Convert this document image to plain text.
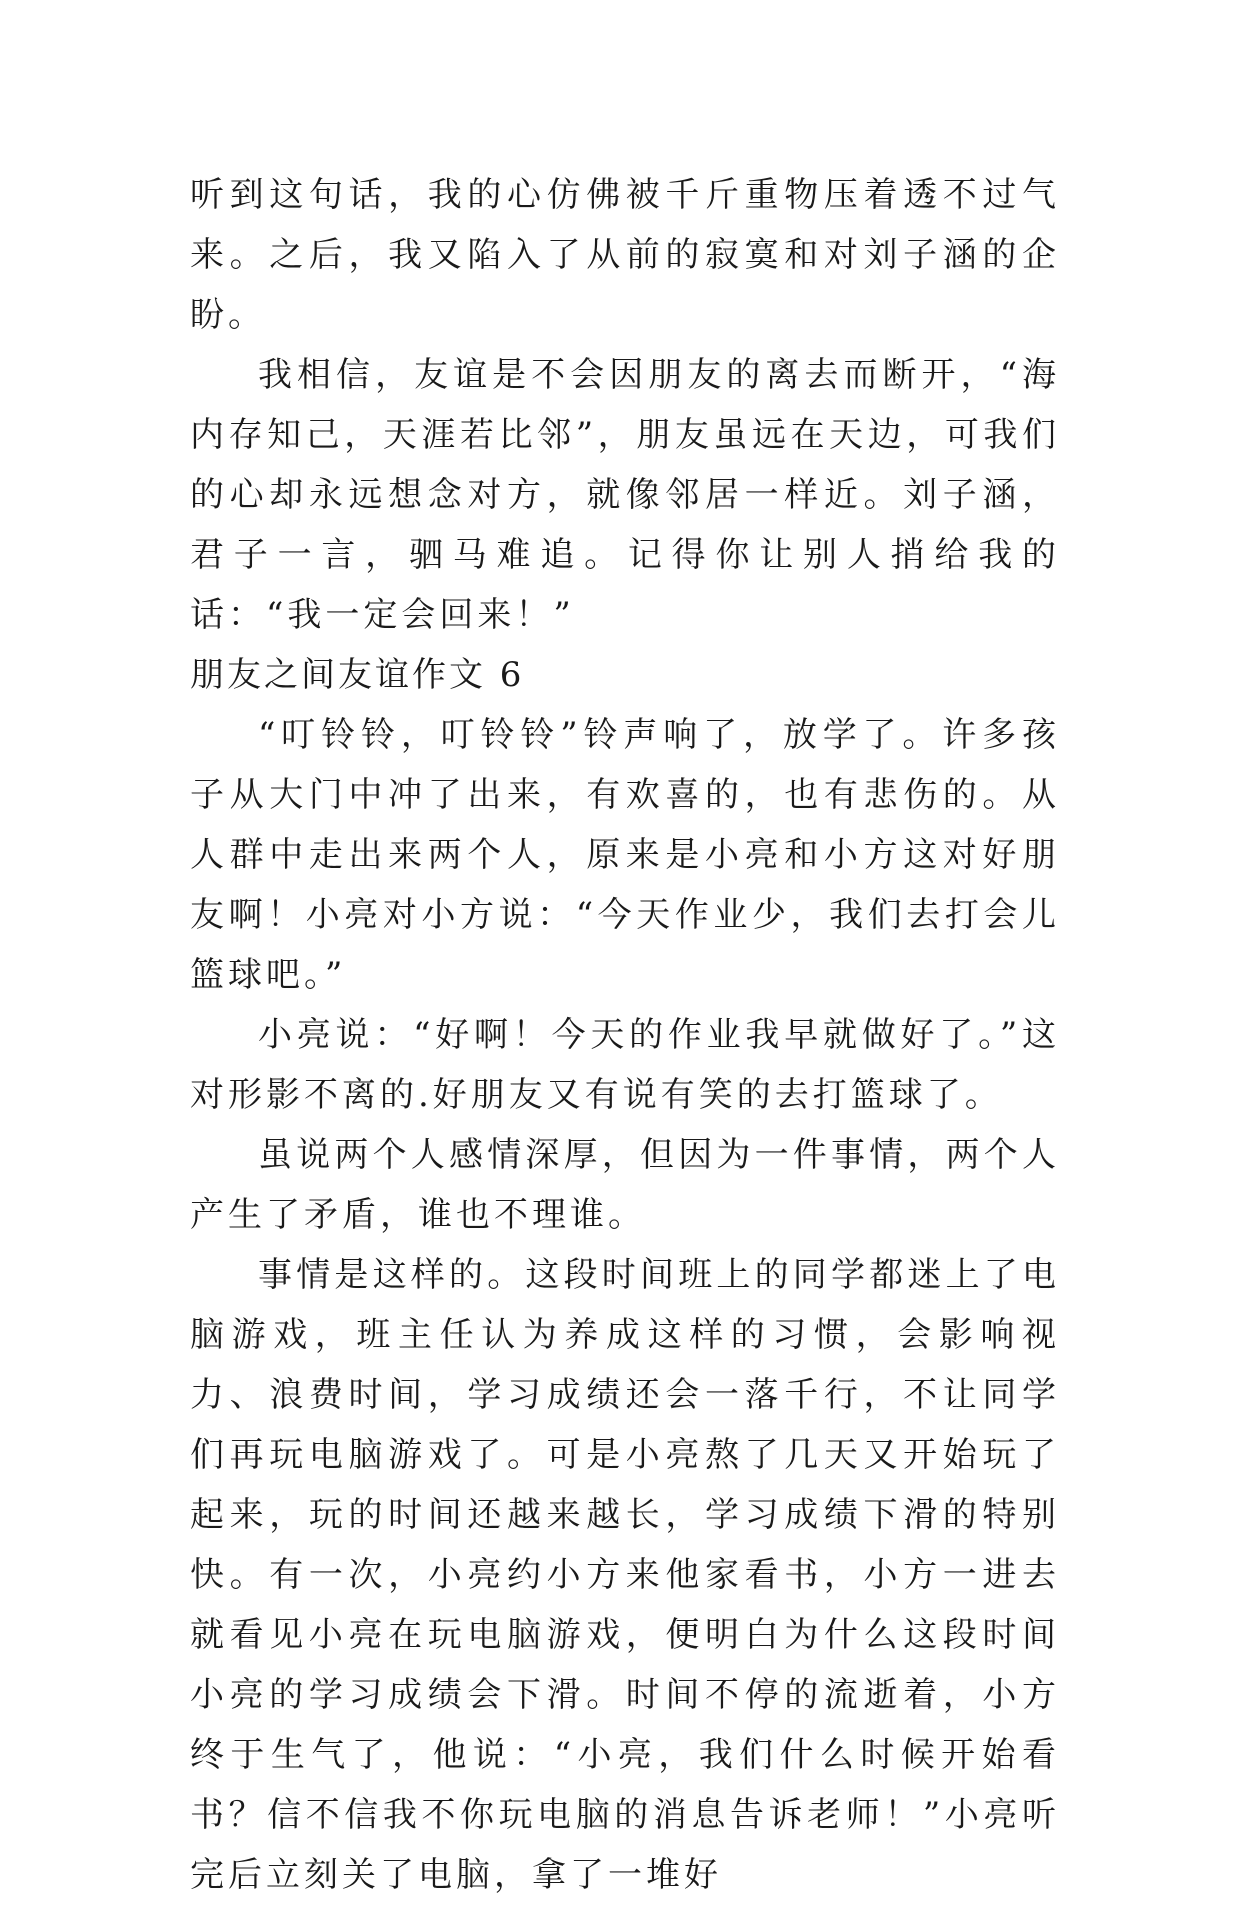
听到这句话，我的心仿佛被千斤重物压着透不过气来。之后，我又陷入了从前的寂寞和对刘子涵的企盼。

我相信，友谊是不会因朋友的离去而断开，“海内存知己，天涯若比邻”，朋友虽远在天边，可我们的心却永远想念对方，就像邻居一样近。刘子涵，君子一言，驷马难追。记得你让别人捎给我的话：“我一定会回来！”

朋友之间友谊作文 6

“叮铃铃，叮铃铃”铃声响了，放学了。许多孩子从大门中冲了出来，有欢喜的，也有悲伤的。从人群中走出来两个人，原来是小亮和小方这对好朋友啊！小亮对小方说：“今天作业少，我们去打会儿篮球吧。”

小亮说：“好啊！今天的作业我早就做好了。”这对形影不离的.好朋友又有说有笑的去打篮球了。

虽说两个人感情深厚，但因为一件事情，两个人产生了矛盾，谁也不理谁。

事情是这样的。这段时间班上的同学都迷上了电脑游戏，班主任认为养成这样的习惯，会影响视力、浪费时间，学习成绩还会一落千行，不让同学们再玩电脑游戏了。可是小亮熬了几天又开始玩了起来，玩的时间还越来越长，学习成绩下滑的特别快。有一次，小亮约小方来他家看书，小方一进去就看见小亮在玩电脑游戏，便明白为什么这段时间小亮的学习成绩会下滑。时间不停的流逝着，小方终于生气了，他说：“小亮，我们什么时候开始看书？信不信我不你玩电脑的消息告诉老师！”小亮听完后立刻关了电脑，拿了一堆好
